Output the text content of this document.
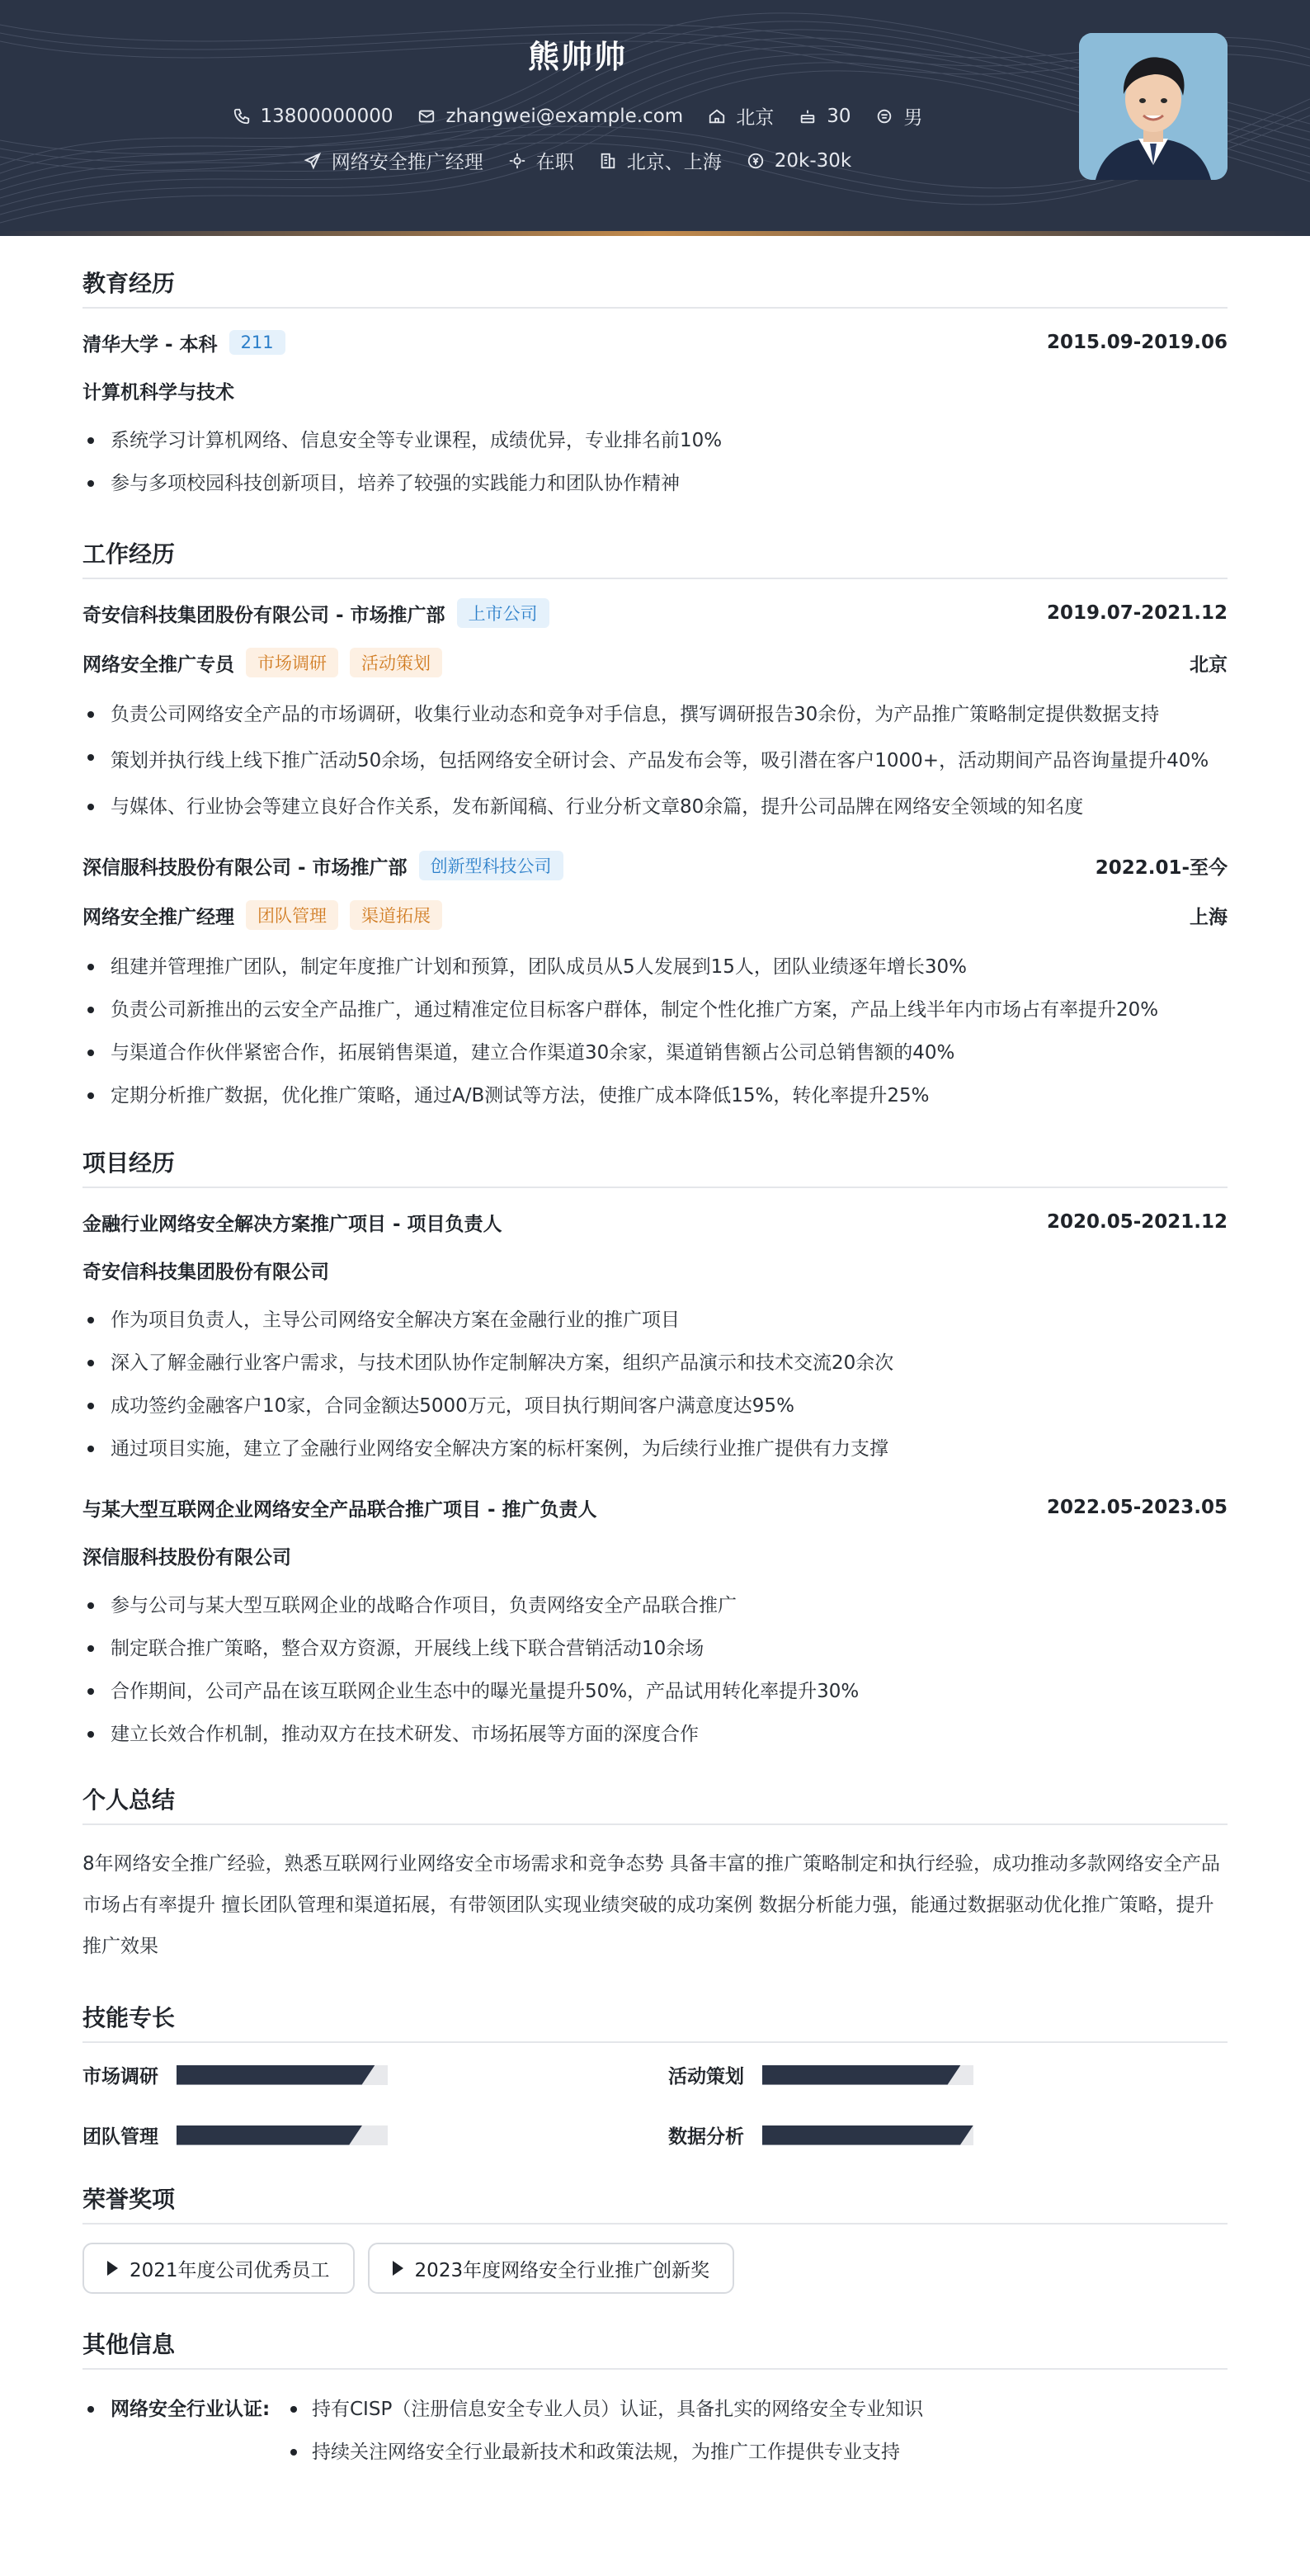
熊帅帅
13800000000	zhangwei@example.com	北京	30	男
网络安全推广经理	在职	北京、上海	20k-30k
教育经历
清华大学 - 本科	211	2015.09-2019.06
计算机科学与技术
系统学习计算机网络、信息安全等专业课程，成绩优异，专业排名前10%
参与多项校园科技创新项目，培养了较强的实践能力和团队协作精神
工作经历
奇安信科技集团股份有限公司 - 市场推广部	上市公司	2019.07-2021.12
网络安全推广专员	市场调研	活动策划	北京
负责公司网络安全产品的市场调研，收集行业动态和竞争对手信息，撰写调研报告30余份，为产品推广策略制定提供数据支持
策划并执行线上线下推广活动50余场，包括网络安全研讨会、产品发布会等，吸引潜在客户1000+，活动期间产品咨询量提升40%
与媒体、行业协会等建立良好合作关系，发布新闻稿、行业分析文章80余篇，提升公司品牌在网络安全领域的知名度
深信服科技股份有限公司 - 市场推广部	创新型科技公司	2022.01-至今
网络安全推广经理	团队管理	渠道拓展	上海
组建并管理推广团队，制定年度推广计划和预算，团队成员从5人发展到15人，团队业绩逐年增长30%
负责公司新推出的云安全产品推广，通过精准定位目标客户群体，制定个性化推广方案，产品上线半年内市场占有率提升20%
与渠道合作伙伴紧密合作，拓展销售渠道，建立合作渠道30余家，渠道销售额占公司总销售额的40%
定期分析推广数据，优化推广策略，通过A/B测试等方法，使推广成本降低15%，转化率提升25%
项目经历
金融行业网络安全解决方案推广项目 - 项目负责人	2020.05-2021.12
奇安信科技集团股份有限公司
作为项目负责人，主导公司网络安全解决方案在金融行业的推广项目
深入了解金融行业客户需求，与技术团队协作定制解决方案，组织产品演示和技术交流20余次
成功签约金融客户10家，合同金额达5000万元，项目执行期间客户满意度达95%
通过项目实施，建立了金融行业网络安全解决方案的标杆案例，为后续行业推广提供有力支撑
与某大型互联网企业网络安全产品联合推广项目 - 推广负责人	2022.05-2023.05
深信服科技股份有限公司
参与公司与某大型互联网企业的战略合作项目，负责网络安全产品联合推广
制定联合推广策略，整合双方资源，开展线上线下联合营销活动10余场
合作期间，公司产品在该互联网企业生态中的曝光量提升50%，产品试用转化率提升30%
建立长效合作机制，推动双方在技术研发、市场拓展等方面的深度合作
个人总结

8年网络安全推广经验，熟悉互联网行业网络安全市场需求和竞争态势 具备丰富的推广策略制定和执行经验，成功推动多款网络安全产品市场占有率提升 擅长团队管理和渠道拓展，有带领团队实现业绩突破的成功案例 数据分析能力强，能通过数据驱动优化推广策略，提升推广效果

技能专长
市场调研	活动策划
团队管理	数据分析
荣誉奖项
2021年度公司优秀员工	2023年度网络安全行业推广创新奖
其他信息
网络安全行业认证:	持有CISP（注册信息安全专业人员）认证，具备扎实的网络安全专业知识
持续关注网络安全行业最新技术和政策法规，为推广工作提供专业支持
